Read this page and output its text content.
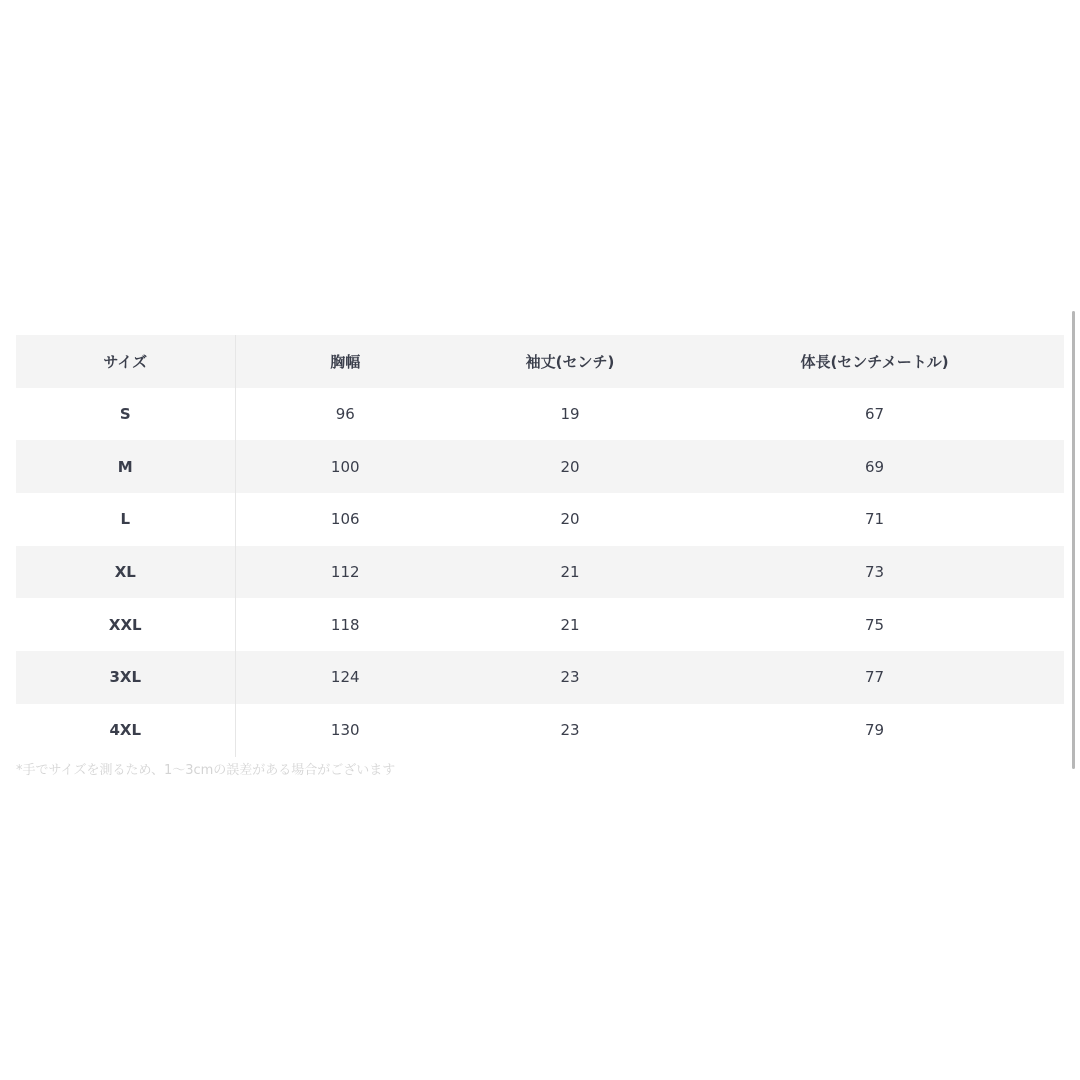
サイズ	胸幅	袖丈(センチ)	体長(センチメートル)
S	96	19	67
M	100	20	69
L	106	20	71
XL	112	21	73
XXL	118	21	75
3XL	124	23	77
4XL	130	23	79
*手でサイズを測るため、1～3cmの誤差がある場合がございます
